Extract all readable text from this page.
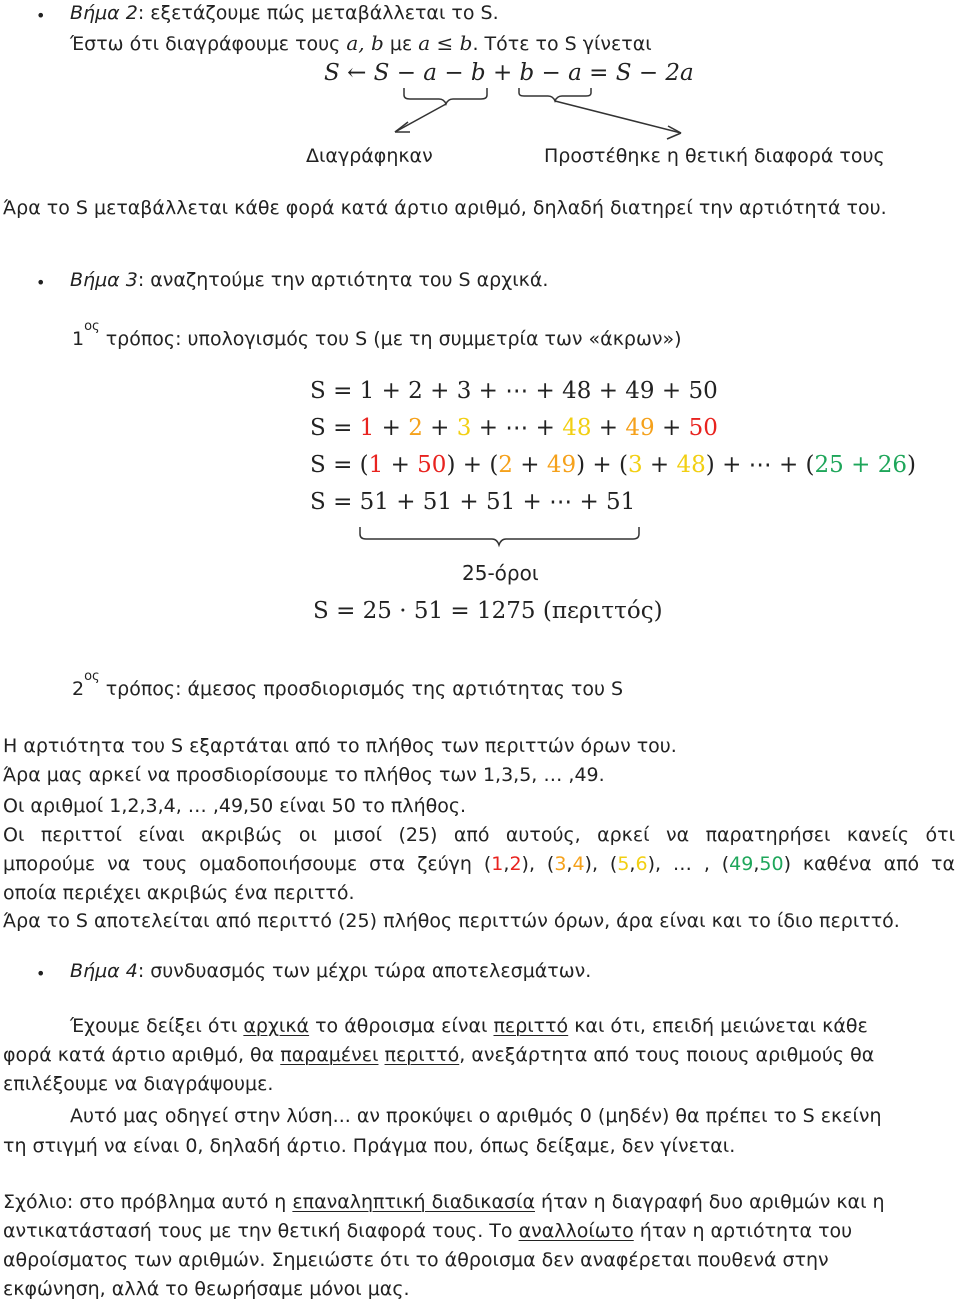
• Βήμα 2: εξετάζουμε πώς μεταβάλλεται το S.
Έστω ότι διαγράφουμε τους a, b με a ≤ b. Τότε το S γίνεται
S ← S − a − b + b − a = S − 2a
Διαγράφηκαν	Προστέθηκε η θετική διαφορά τους
Άρα το S μεταβάλλεται κάθε φορά κατά άρτιο αριθμό, δηλαδή διατηρεί την αρτιότητά του.
• Βήμα 3: αναζητούμε την αρτιότητα του S αρχικά.
$1^{o\varsigma}$ τρόπος: υπολογισμός του S (με τη συμμετρία των «άκρων»)
S = 1 + 2 + 3 + ⋯ + 48 + 49 + 50
S = 1 + 2 + 3 + ⋯ + 48 + 49 + 50
S = (1 + 50) + (2 + 49) + (3 + 48) + ⋯ + (25 + 26)
S = 51 + 51 + 51 + ⋯ + 51
25-όροι
S = 25 · 51 = 1275 (περιττός)
$2^{o\varsigma}$ τρόπος: άμεσος προσδιορισμός της αρτιότητας του S
Η αρτιότητα του S εξαρτάται από το πλήθος των περιττών όρων του.
Άρα μας αρκεί να προσδιορίσουμε το πλήθος των 1,3,5, … ,49.
Οι αριθμοί 1,2,3,4, … ,49,50 είναι 50 το πλήθος.
Οι περιττοί είναι ακριβώς οι μισοί (25) από αυτούς, αρκεί να παρατηρήσει κανείς ότι
μπορούμε να τους ομαδοποιήσουμε στα ζεύγη (1,2), (3,4), (5,6), … , (49,50) καθένα από τα
οποία περιέχει ακριβώς ένα περιττό.
Άρα το S αποτελείται από περιττό (25) πλήθος περιττών όρων, άρα είναι και το ίδιο περιττό.
• Βήμα 4: συνδυασμός των μέχρι τώρα αποτελεσμάτων.
Έχουμε δείξει ότι αρχικά το άθροισμα είναι περιττό και ότι, επειδή μειώνεται κάθε
φορά κατά άρτιο αριθμό, θα παραμένει περιττό, ανεξάρτητα από τους ποιους αριθμούς θα
επιλέξουμε να διαγράψουμε.
Αυτό μας οδηγεί στην λύση... αν προκύψει ο αριθμός 0 (μηδέν) θα πρέπει το S εκείνη
τη στιγμή να είναι 0, δηλαδή άρτιο. Πράγμα που, όπως δείξαμε, δεν γίνεται.
Σχόλιο: στο πρόβλημα αυτό η επαναληπτική διαδικασία ήταν η διαγραφή δυο αριθμών και η
αντικατάστασή τους με την θετική διαφορά τους. Το αναλλοίωτο ήταν η αρτιότητα του
αθροίσματος των αριθμών. Σημειώστε ότι το άθροισμα δεν αναφέρεται πουθενά στην
εκφώνηση, αλλά το θεωρήσαμε μόνοι μας.
